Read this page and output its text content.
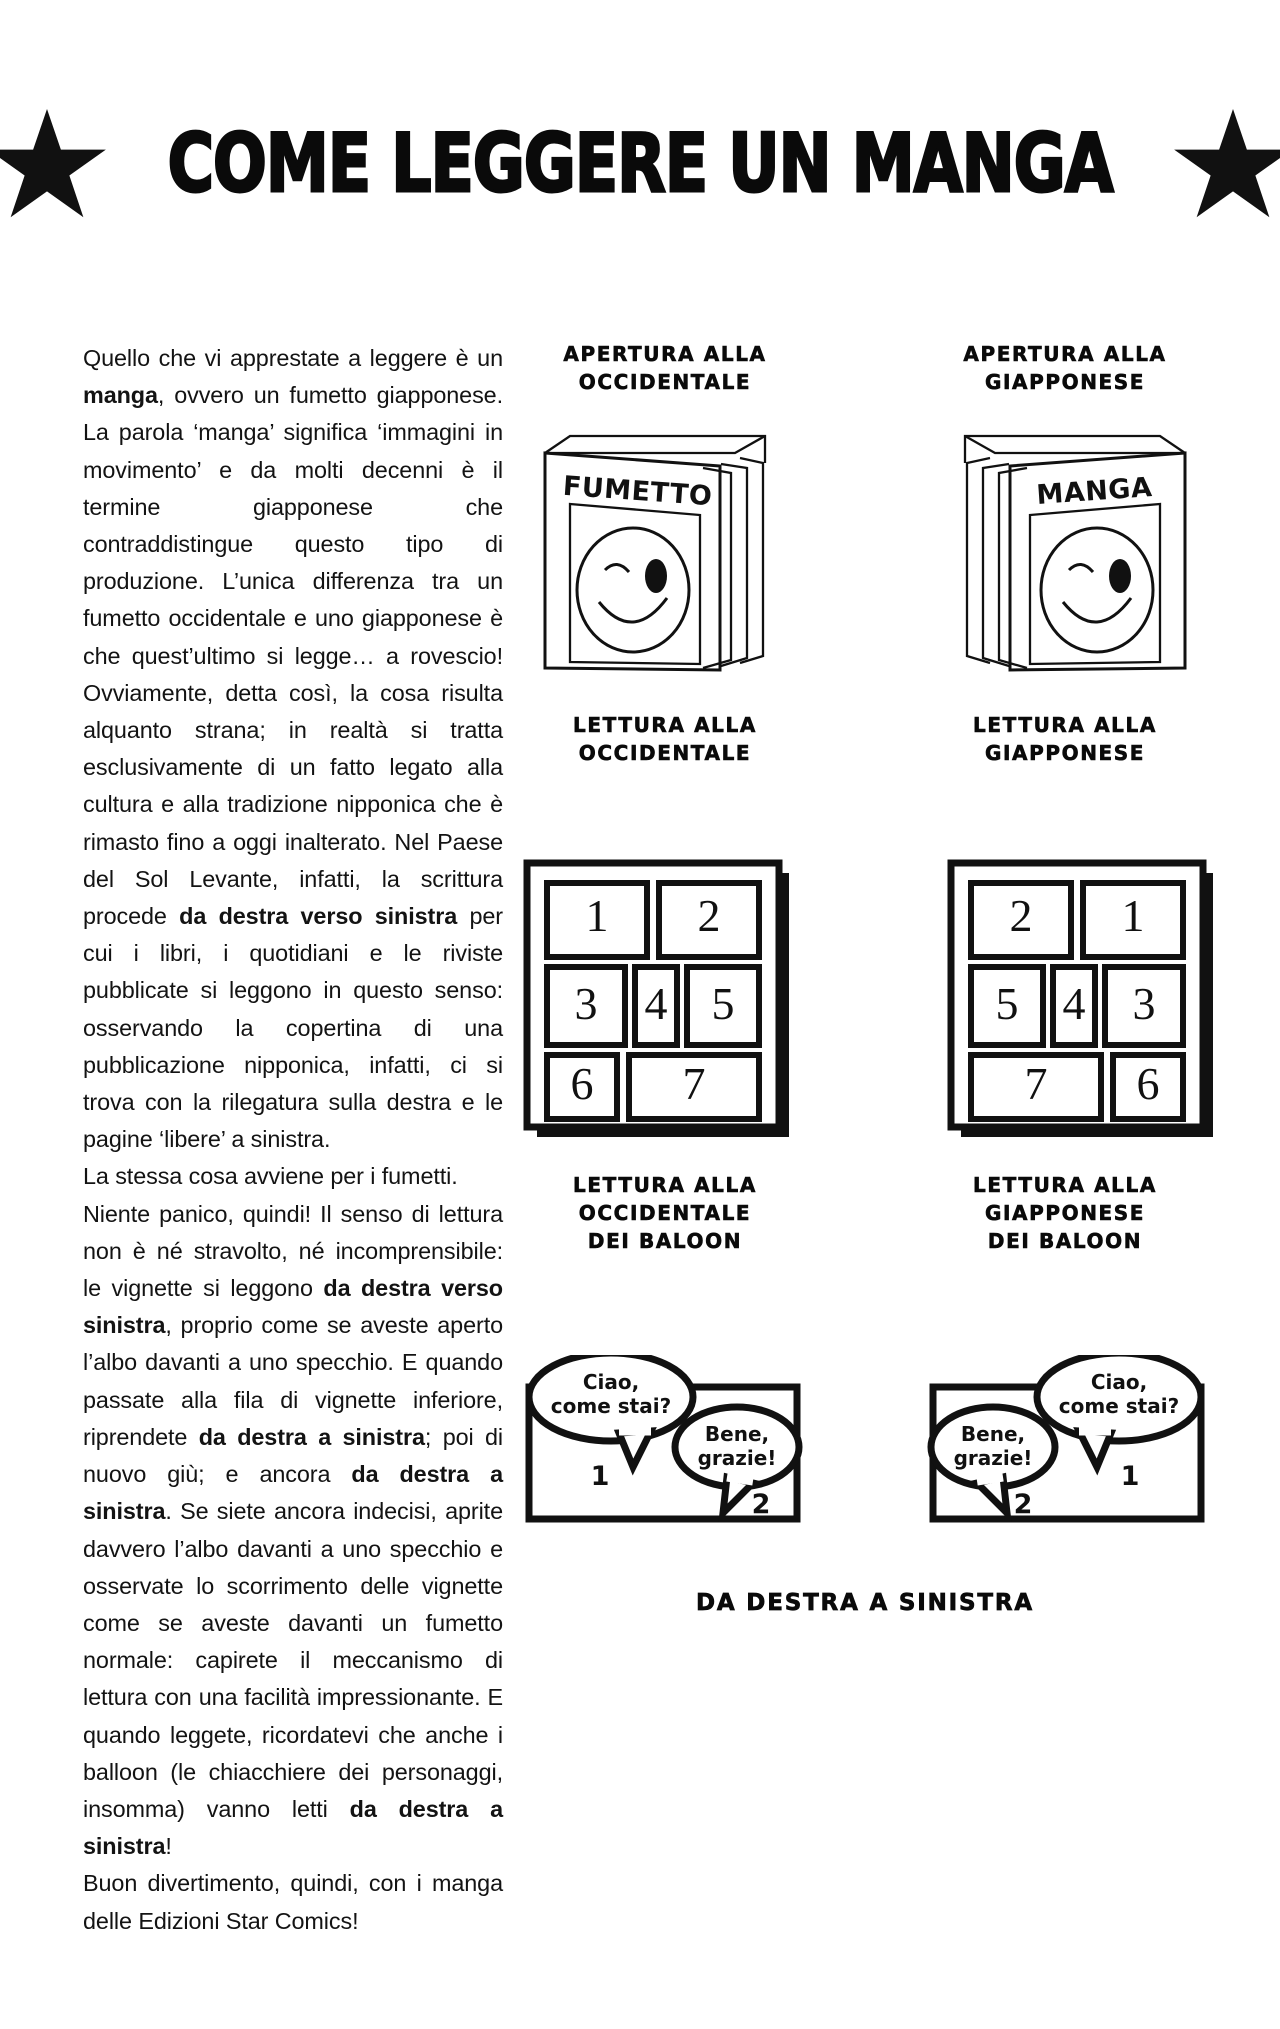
COME LEGGERE UN MANGA

Quello che vi apprestate a leggere è un manga, ovvero un fumetto giapponese. La parola ‘manga’ significa ‘immagini in movimento’ e da molti decenni è il termine giapponese che contraddistingue questo tipo di produzione. L’unica differenza tra un fumetto occidentale e uno giapponese è che quest’ultimo si legge… a rovescio! Ovviamente, detta così, la cosa risulta alquanto strana; in realtà si tratta esclusivamente di un fatto legato alla cultura e alla tradizione nipponica che è rimasto fino a oggi inalterato. Nel Paese del Sol Levante, infatti, la scrittura procede da destra verso sinistra per cui i libri, i quotidiani e le riviste pubblicate si leggono in questo senso: osservando la copertina di una pubblicazione nipponica, infatti, ci si trova con la rilegatura sulla destra e le pagine ‘libere’ a sinistra.
La stessa cosa avviene per i fumetti.
Niente panico, quindi! Il senso di lettura non è né stravolto, né incomprensibile: le vignette si leggono da destra verso sinistra, proprio come se aveste aperto l’albo davanti a uno specchio. E quando passate alla fila di vignette inferiore, riprendete da destra a sinistra; poi di nuovo giù; e ancora da destra a sinistra. Se siete ancora indecisi, aprite davvero l’albo davanti a uno specchio e osservate lo scorrimento delle vignette come se aveste davanti un fumetto normale: capirete il meccanismo di lettura con una facilità impressionante. E quando leggete, ricordatevi che anche i balloon (le chiacchiere dei personaggi, insomma) vanno letti da destra a sinistra!
Buon divertimento, quindi, con i manga delle Edizioni Star Comics!

APERTURA ALLA
OCCIDENTALE
APERTURA ALLA
GIAPPONESE
FUMETTO	MANGA
LETTURA ALLA
OCCIDENTALE
LETTURA ALLA
GIAPPONESE
1 2
3 4 5
6 7
2 1
5 4 3
7 6
LETTURA ALLA
OCCIDENTALE
DEI BALOON
LETTURA ALLA
GIAPPONESE
DEI BALOON
Ciao,
come stai?
1
Bene,
grazie!
2
Ciao,
come stai?
1
Bene,
grazie!
2
DA DESTRA A SINISTRA
